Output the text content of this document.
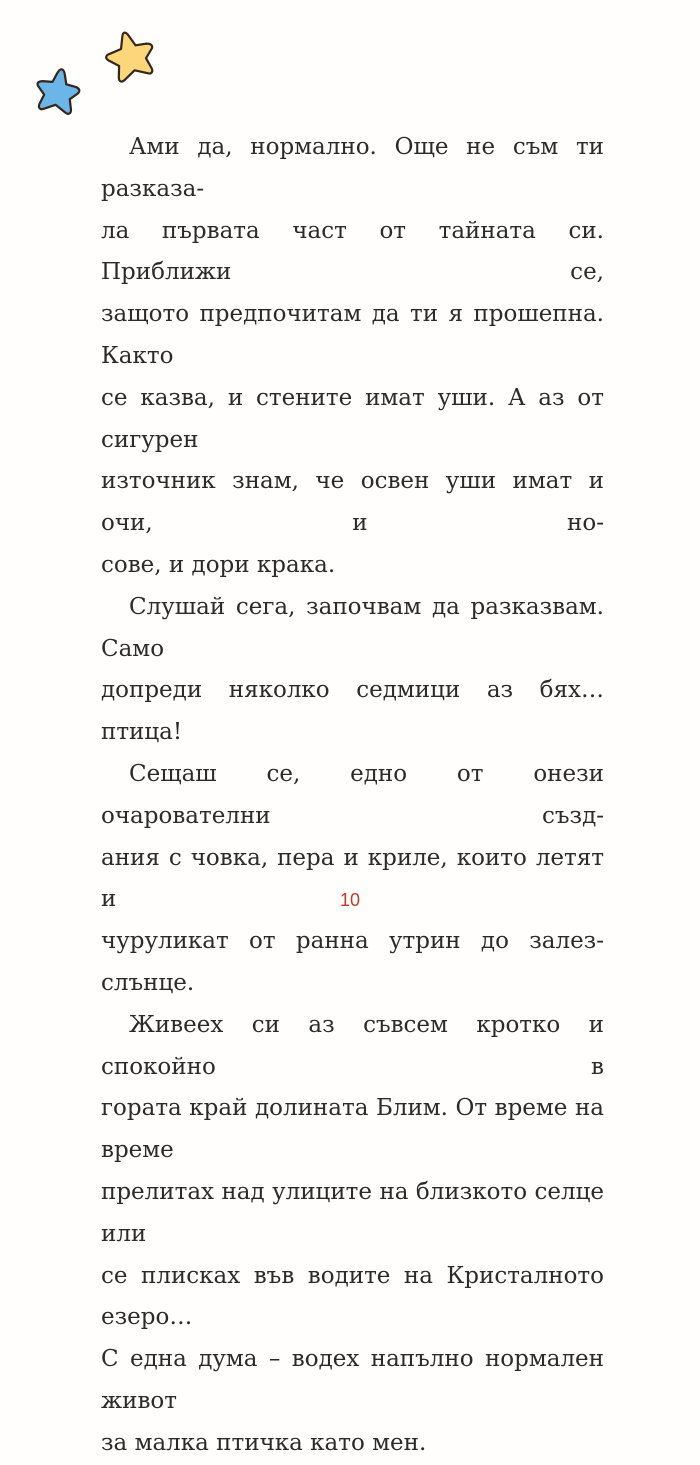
Ами да, нормално. Още не съм ти разказа-
ла първата част от тайната си. Приближи се,
защото предпочитам да ти я прошепна. Както
се казва, и стените имат уши. А аз от сигурен
източник знам, че освен уши имат и очи, и но-
сове, и дори крака.
Слушай сега, започвам да разказвам. Само
допреди няколко седмици аз бях… птица!
Сещаш се, едно от онези очарователни създ-
ания с човка, пера и криле, които летят и
чуруликат от ранна утрин до залез-слънце.
Живеех си аз съвсем кротко и спокойно в
гората край долината Блим. От време на време
прелитах над улиците на близкото селце или
се плисках във водите на Кристалното езеро…
С една дума – водех напълно нормален живот
за малка птичка като мен.
10
